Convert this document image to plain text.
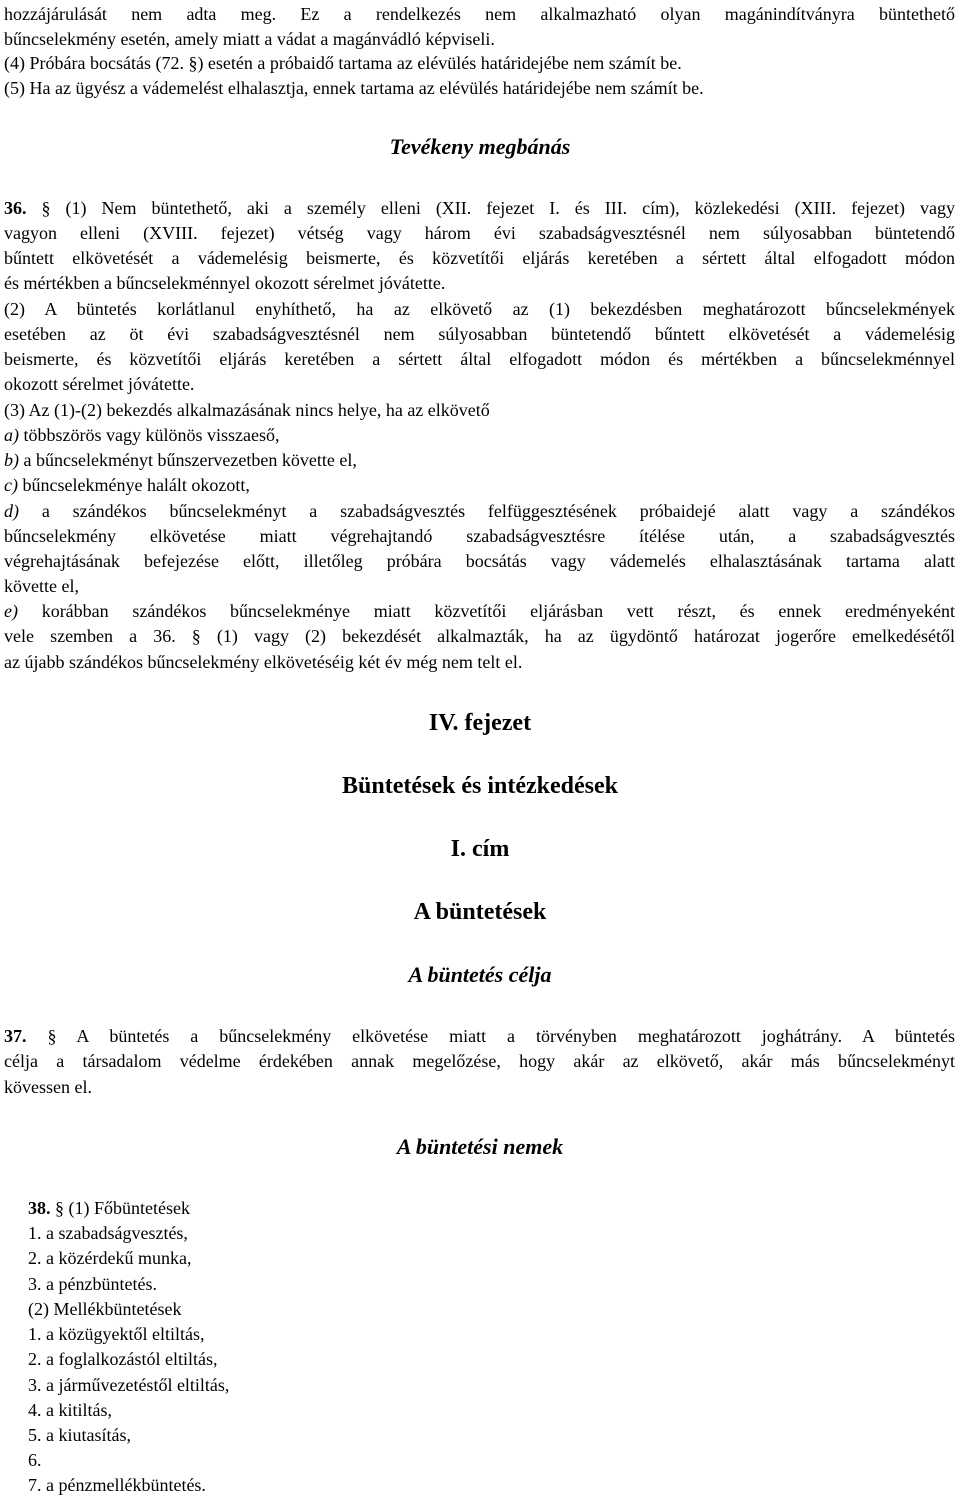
hozzájárulását nem adta meg. Ez a rendelkezés nem alkalmazható olyan magánindítványra büntethető
bűncselekmény esetén, amely miatt a vádat a magánvádló képviseli.
(4) Próbára bocsátás (72. §) esetén a próbaidő tartama az elévülés határidejébe nem számít be.
(5) Ha az ügyész a vádemelést elhalasztja, ennek tartama az elévülés határidejébe nem számít be.
Tevékeny megbánás
36. § (1) Nem büntethető, aki a személy elleni (XII. fejezet I. és III. cím), közlekedési (XIII. fejezet) vagy
vagyon elleni (XVIII. fejezet) vétség vagy három évi szabadságvesztésnél nem súlyosabban büntetendő
bűntett elkövetését a vádemelésig beismerte, és közvetítői eljárás keretében a sértett által elfogadott módon
és mértékben a bűncselekménnyel okozott sérelmet jóvátette.
(2) A büntetés korlátlanul enyhíthető, ha az elkövető az (1) bekezdésben meghatározott bűncselekmények
esetében az öt évi szabadságvesztésnél nem súlyosabban büntetendő bűntett elkövetését a vádemelésig
beismerte, és közvetítői eljárás keretében a sértett által elfogadott módon és mértékben a bűncselekménnyel
okozott sérelmet jóvátette.
(3) Az (1)-(2) bekezdés alkalmazásának nincs helye, ha az elkövető
a) többszörös vagy különös visszaeső,
b) a bűncselekményt bűnszervezetben követte el,
c) bűncselekménye halált okozott,
d) a szándékos bűncselekményt a szabadságvesztés felfüggesztésének próbaidejé alatt vagy a szándékos
bűncselekmény elkövetése miatt végrehajtandó szabadságvesztésre ítélése után, a szabadságvesztés
végrehajtásának befejezése előtt, illetőleg próbára bocsátás vagy vádemelés elhalasztásának tartama alatt
követte el,
e) korábban szándékos bűncselekménye miatt közvetítői eljárásban vett részt, és ennek eredményeként
vele szemben a 36. § (1) vagy (2) bekezdését alkalmazták, ha az ügydöntő határozat jogerőre emelkedésétől
az újabb szándékos bűncselekmény elkövetéséig két év még nem telt el.
IV. fejezet
Büntetések és intézkedések
I. cím
A büntetések
A büntetés célja
37. § A büntetés a bűncselekmény elkövetése miatt a törvényben meghatározott joghátrány. A büntetés
célja a társadalom védelme érdekében annak megelőzése, hogy akár az elkövető, akár más bűncselekményt
kövessen el.
A büntetési nemek
38. § (1) Főbüntetések
1. a szabadságvesztés,
2. a közérdekű munka,
3. a pénzbüntetés.
(2) Mellékbüntetések
1. a közügyektől eltiltás,
2. a foglalkozástól eltiltás,
3. a járművezetéstől eltiltás,
4. a kitiltás,
5. a kiutasítás,
6.
7. a pénzmellékbüntetés.
